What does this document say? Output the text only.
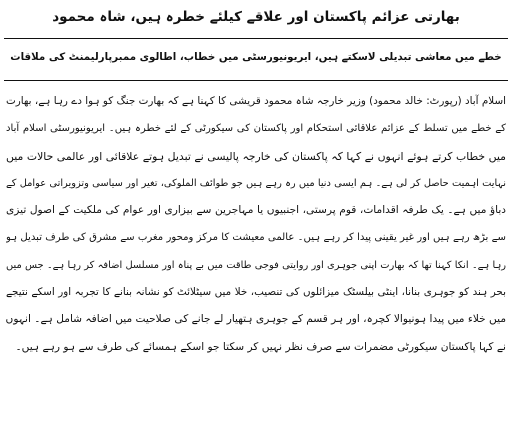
بھارتی عزائم پاکستان اور علاقے کیلئے خطرہ ہیں، شاہ محمود
خطے میں معاشی تبدیلی لاسکتے ہیں، ایریونیورسٹی میں خطاب، اطالوی ممبرپارلیمنٹ کی ملاقات
اسلام آباد (رپورٹ: خالد محمود) وزیر خارجہ شاہ محمود قریشی کا کہنا ہے کہ بھارت جنگ کو ہوا دے رہا ہے، بھارت
کے خطے میں تسلط کے عزائم علاقائی استحکام اور پاکستان کی سیکورٹی کے لئے خطرہ ہیں۔ ایریونیورسٹی اسلام آباد
میں خطاب کرتے ہوئے انہوں نے کہا کہ پاکستان کی خارجہ پالیسی نے تبدیل ہوتے علاقائی اور عالمی حالات میں
نہایت اہمیت حاصل کر لی ہے۔ ہم ایسی دنیا میں رہ رہے ہیں جو طوائف الملوکی، تغیر اور سیاسی وتزویراتی عوامل کے
دباؤ میں ہے۔ یک طرفہ اقدامات، قوم پرستی، اجنبیوں یا مہاجرین سے بیزاری اور عوام کی ملکیت کے اصول تیزی
سے بڑھ رہے ہیں اور غیر یقینی پیدا کر رہے ہیں۔ عالمی معیشت کا مرکز ومحور مغرب سے مشرق کی طرف تبدیل ہو
رہا ہے۔ انکا کہنا تھا کہ بھارت اپنی جوہری اور روایتی فوجی طاقت میں بے پناہ اور مسلسل اضافہ کر رہا ہے۔ جس میں
بحر ہند کو جوہری بنانا، اینٹی بیلسٹک میزائلوں کی تنصیب، خلا میں سیٹلائٹ کو نشانہ بنانے کا تجربہ اور اسکے نتیجے
میں خلاء میں پیدا ہونیوالا کچرہ، اور ہر قسم کے جوہری ہتھیار لے جانے کی صلاحیت میں اضافہ شامل ہے۔ انہوں
نے کہا پاکستان سیکورٹی مضمرات سے صرف نظر نہیں کر سکتا جو اسکے ہمسائے کی طرف سے ہو رہے ہیں۔
